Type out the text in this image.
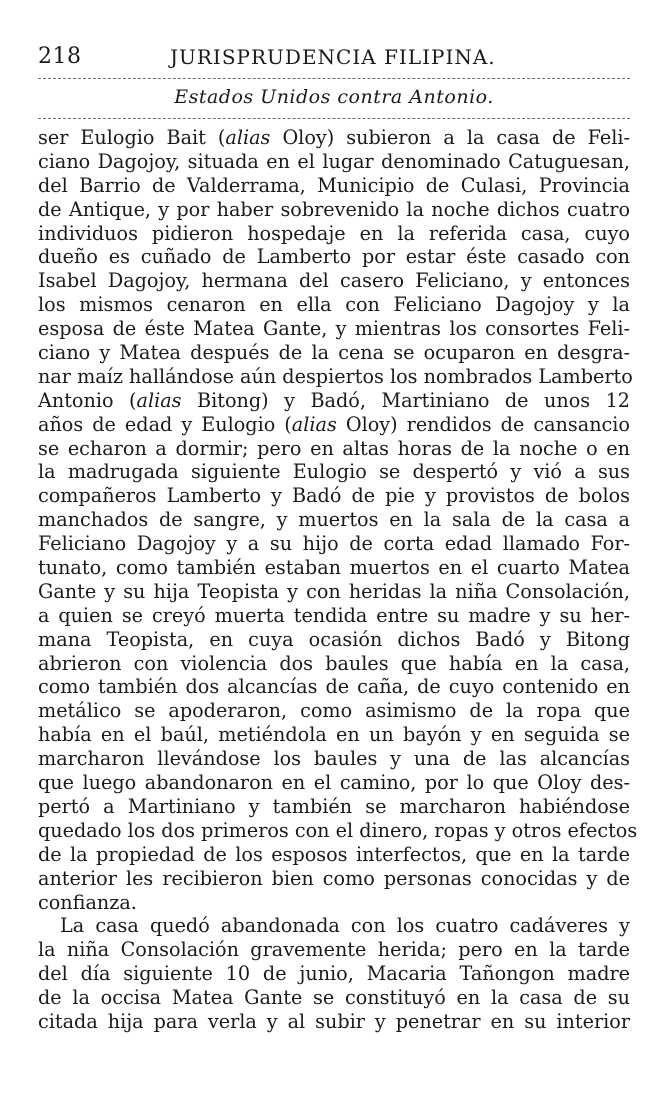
218	JURISPRUDENCIA FILIPINA.
Estados Unidos contra Antonio.
ser Eulogio Bait (alias Oloy) subieron a la casa de Feli-
ciano Dagojoy, situada en el lugar denominado Catuguesan,
del Barrio de Valderrama, Municipio de Culasi, Provincia
de Antique, y por haber sobrevenido la noche dichos cuatro
individuos pidieron hospedaje en la referida casa, cuyo
dueño es cuñado de Lamberto por estar éste casado con
Isabel Dagojoy, hermana del casero Feliciano, y entonces
los mismos cenaron en ella con Feliciano Dagojoy y la
esposa de éste Matea Gante, y mientras los consortes Feli-
ciano y Matea después de la cena se ocuparon en desgra-
nar maíz hallándose aún despiertos los nombrados Lamberto
Antonio (alias Bitong) y Badó, Martiniano de unos 12
años de edad y Eulogio (alias Oloy) rendidos de cansancio
se echaron a dormir; pero en altas horas de la noche o en
la madrugada siguiente Eulogio se despertó y vió a sus
compañeros Lamberto y Badó de pie y provistos de bolos
manchados de sangre, y muertos en la sala de la casa a
Feliciano Dagojoy y a su hijo de corta edad llamado For-
tunato, como también estaban muertos en el cuarto Matea
Gante y su hija Teopista y con heridas la niña Consolación,
a quien se creyó muerta tendida entre su madre y su her-
mana Teopista, en cuya ocasión dichos Badó y Bitong
abrieron con violencia dos baules que había en la casa,
como también dos alcancías de caña, de cuyo contenido en
metálico se apoderaron, como asimismo de la ropa que
había en el baúl, metiéndola en un bayón y en seguida se
marcharon llevándose los baules y una de las alcancías
que luego abandonaron en el camino, por lo que Oloy des-
pertó a Martiniano y también se marcharon habiéndose
quedado los dos primeros con el dinero, ropas y otros efectos
de la propiedad de los esposos interfectos, que en la tarde
anterior les recibieron bien como personas conocidas y de
confianza.
La casa quedó abandonada con los cuatro cadáveres y
la niña Consolación gravemente herida; pero en la tarde
del día siguiente 10 de junio, Macaria Tañongon madre
de la occisa Matea Gante se constituyó en la casa de su
citada hija para verla y al subir y penetrar en su interior
